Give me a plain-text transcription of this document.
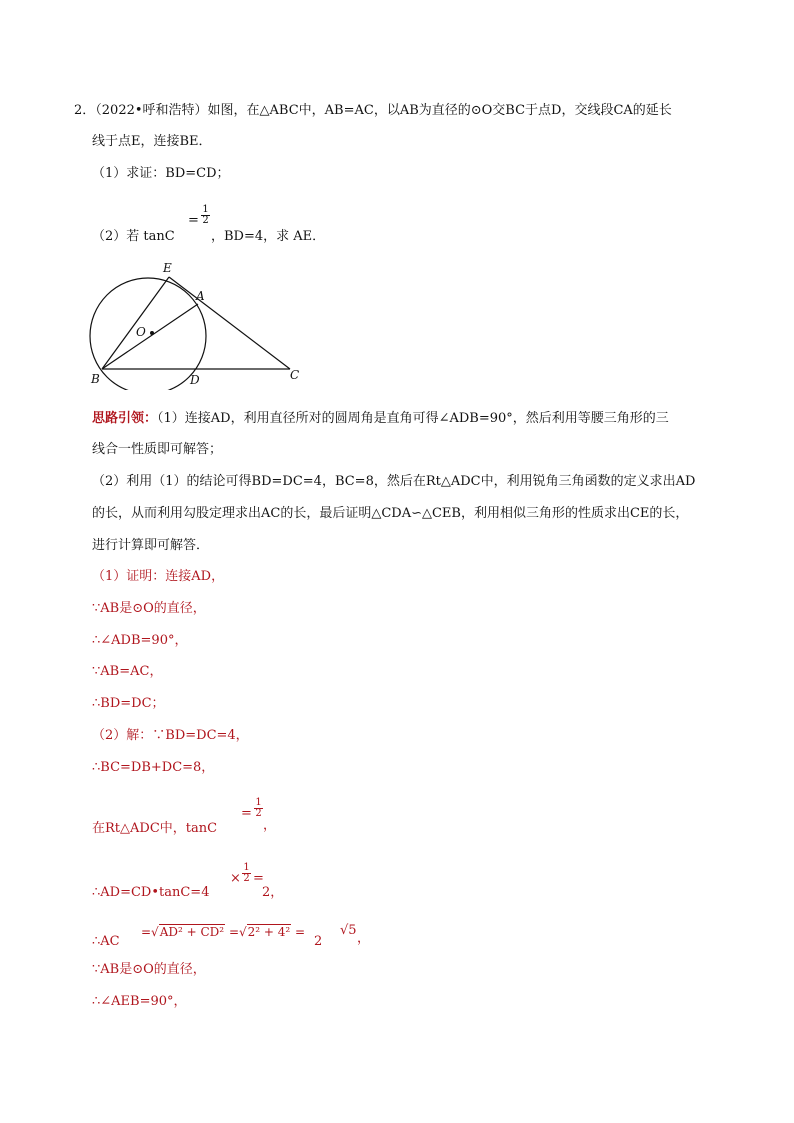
2．（2022•呼和浩特）如图，在△ABC中，AB=AC，以AB为直径的⊙O交BC于点D，交线段CA的延长
线于点E，连接BE．
（1）求证：BD=CD；
（2）若 tanC
= $\frac{1}{2}$
，BD=4，求 AE．
E
A
O
B	D	C
思路引领：（1）连接AD，利用直径所对的圆周角是直角可得∠ADB=90°，然后利用等腰三角形的三
线合一性质即可解答；
（2）利用（1）的结论可得BD=DC=4，BC=8，然后在Rt△ADC中，利用锐角三角函数的定义求出AD
的长，从而利用勾股定理求出AC的长，最后证明△CDA∽△CEB，利用相似三角形的性质求出CE的长，
进行计算即可解答．
（1）证明：连接AD，
∵AB是⊙O的直径，
∴∠ADB=90°，
∵AB=AC，
∴BD=DC；
（2）解：∵BD=DC=4，
∴BC=DB+DC=8，
在Rt△ADC中，tanC
= $\frac{1}{2}$
，
∴AD=CD•tanC=4
× $\frac{1}{2}$ =
2，
∴AC
=√AD² + CD² =√2² + 4² =
2
√5
，
∵AB是⊙O的直径，
∴∠AEB=90°，
